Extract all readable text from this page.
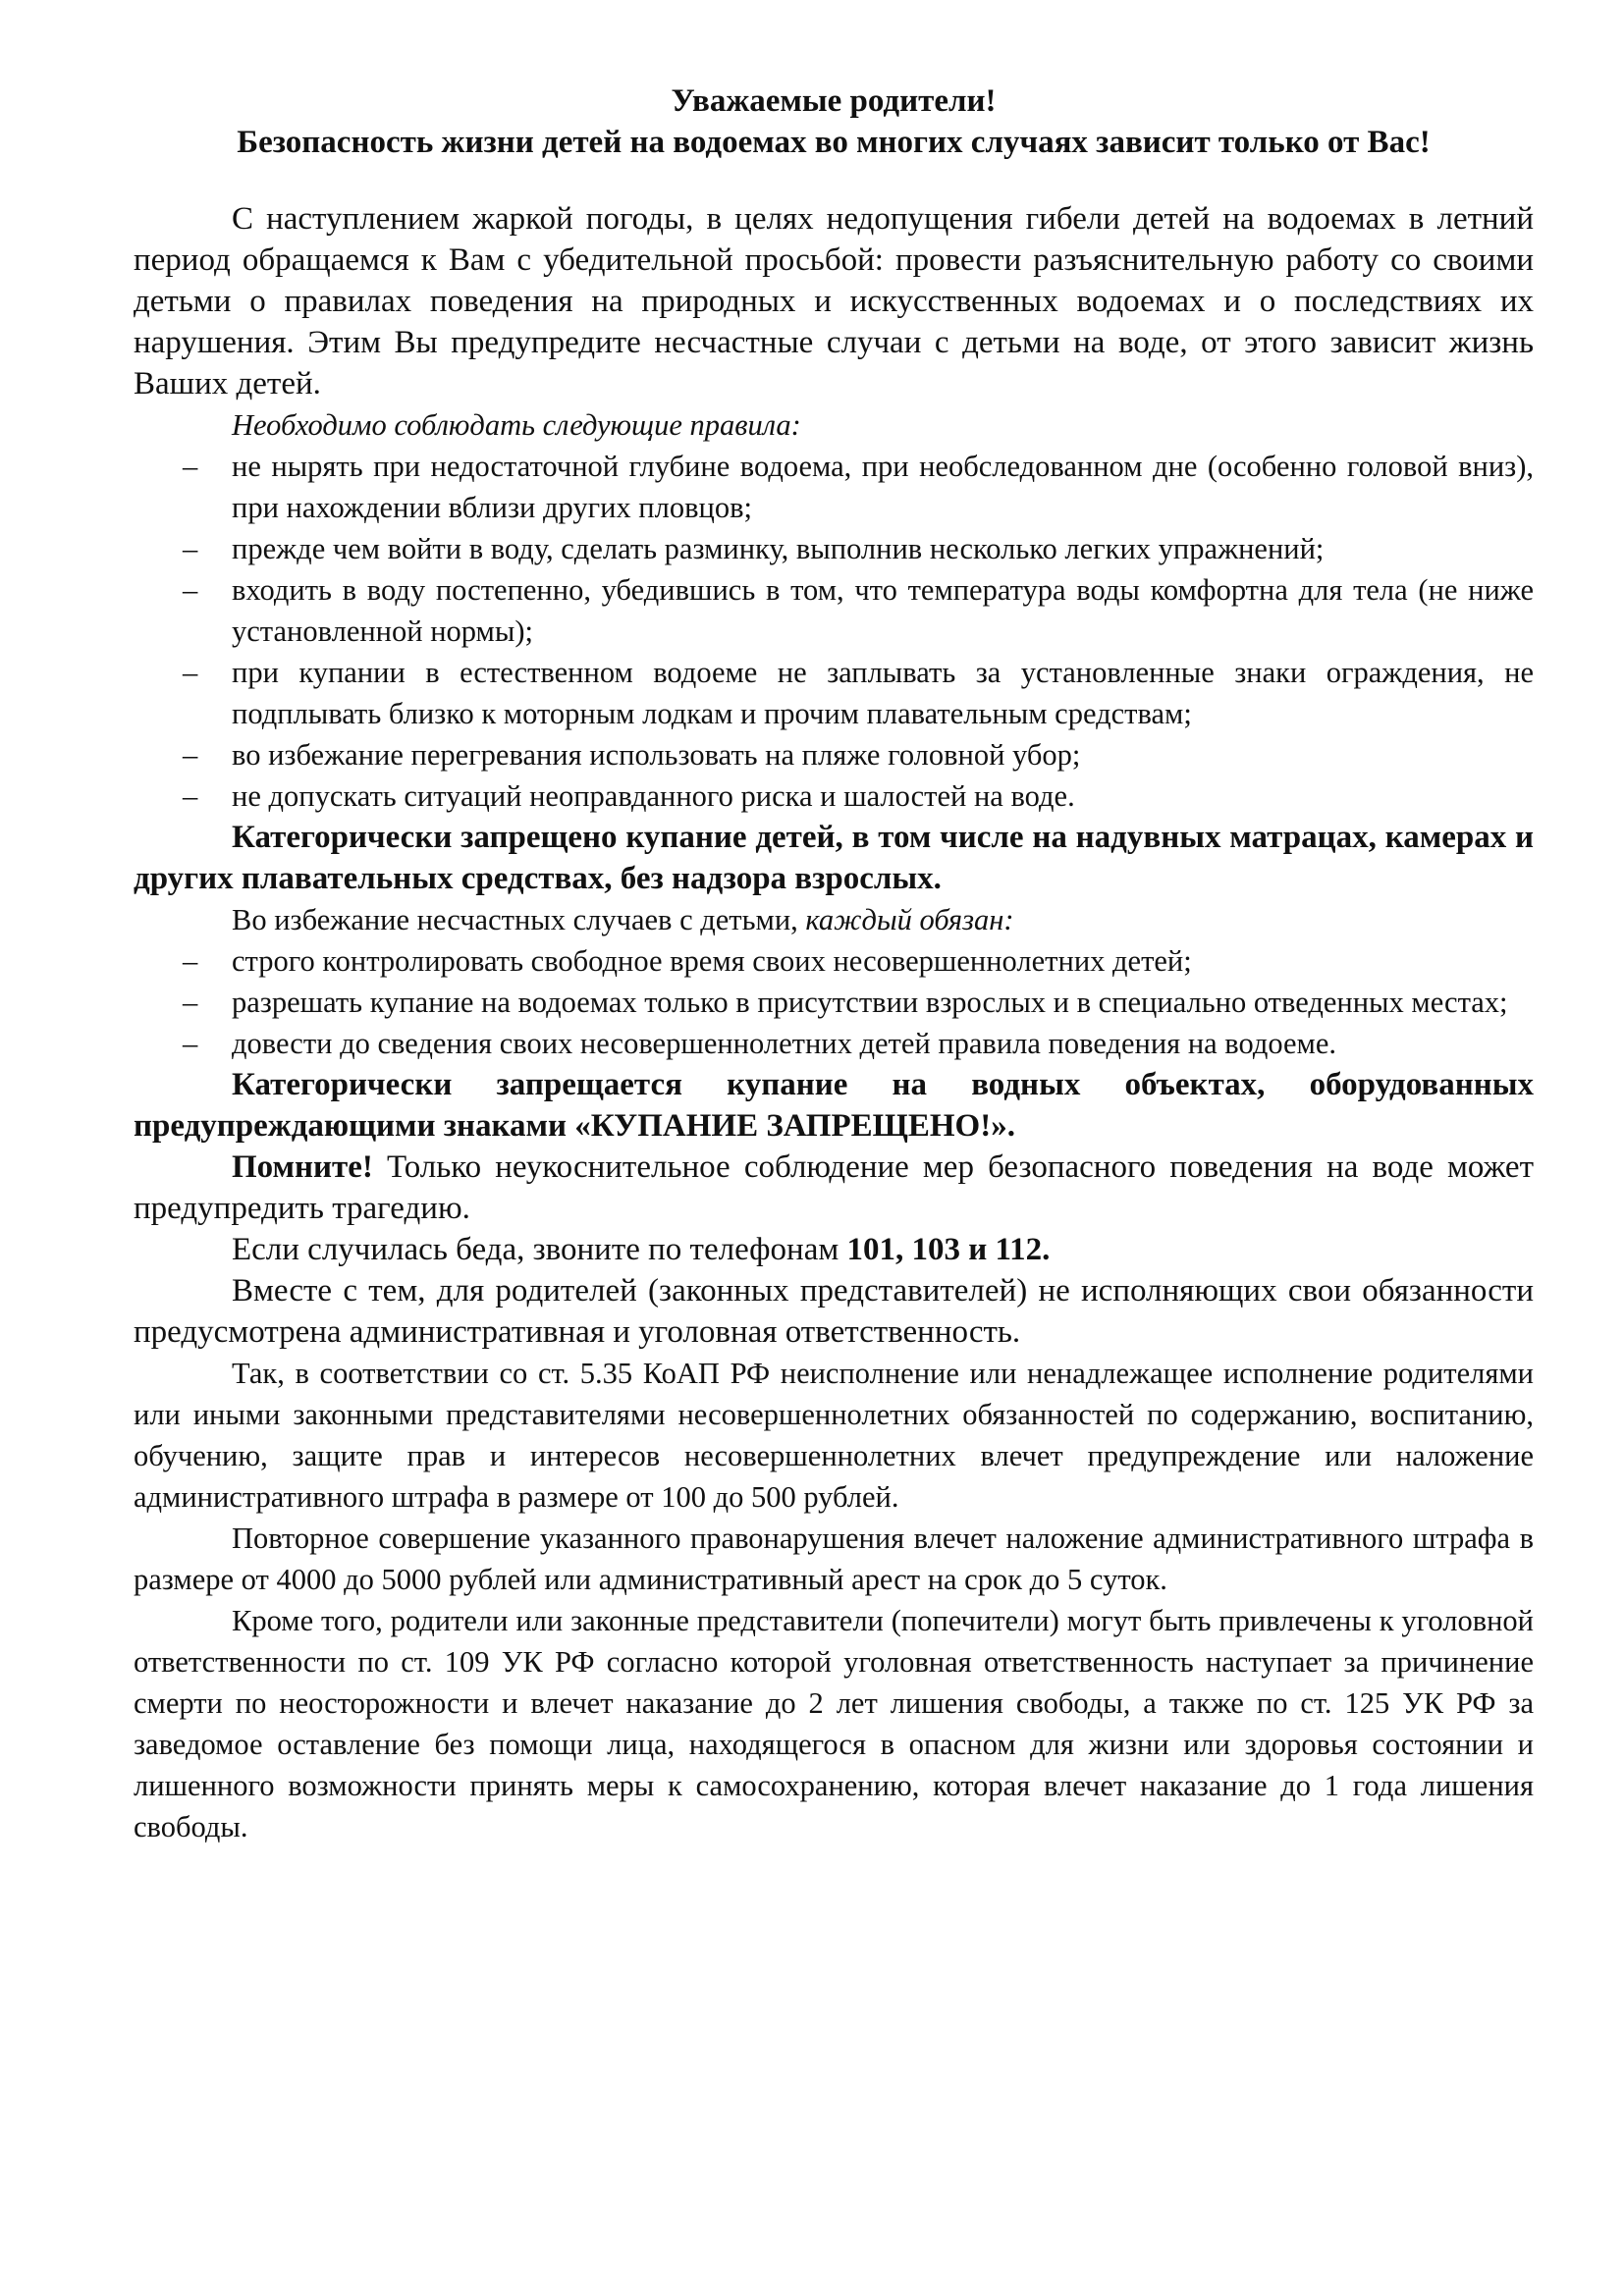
Уважаемые родители!
Безопасность жизни детей на водоемах во многих случаях зависит только от Вас!

С наступлением жаркой погоды, в целях недопущения гибели детей на водоемах в летний период обращаемся к Вам с убедительной просьбой: провести разъяснительную работу со своими детьми о правилах поведения на природных и искусственных водоемах и о последствиях их нарушения. Этим Вы предупредите несчастные случаи с детьми на воде, от этого зависит жизнь Ваших детей.

Необходимо соблюдать следующие правила:

–	не нырять при недостаточной глубине водоема, при необследованном дне (особенно головой вниз), при нахождении вблизи других пловцов;
–	прежде чем войти в воду, сделать разминку, выполнив несколько легких упражнений;
–	входить в воду постепенно, убедившись в том, что температура воды комфортна для тела (не ниже установленной нормы);
–	при купании в естественном водоеме не заплывать за установленные знаки ограждения, не подплывать близко к моторным лодкам и прочим плавательным средствам;
–	во избежание перегревания использовать на пляже головной убор;
–	не допускать ситуаций неоправданного риска и шалостей на воде.

Категорически запрещено купание детей, в том числе на надувных матрацах, камерах и других плавательных средствах, без надзора взрослых.

Во избежание несчастных случаев с детьми, каждый обязан:

–	строго контролировать свободное время своих несовершеннолетних детей;
–	разрешать купание на водоемах только в присутствии взрослых и в специально отведенных местах;
–	довести до сведения своих несовершеннолетних детей правила поведения на водоеме.

Категорически запрещается купание на водных объектах, оборудованных предупреждающими знаками «КУПАНИЕ ЗАПРЕЩЕНО!».

Помните! Только неукоснительное соблюдение мер безопасного поведения на воде может предупредить трагедию.

Если случилась беда, звоните по телефонам 101, 103 и 112.

Вместе с тем, для родителей (законных представителей) не исполняющих свои обязанности предусмотрена административная и уголовная ответственность.

Так, в соответствии со ст. 5.35 КоАП РФ неисполнение или ненадлежащее исполнение родителями или иными законными представителями несовершеннолетних обязанностей по содержанию, воспитанию, обучению, защите прав и интересов несовершеннолетних влечет предупреждение или наложение административного штрафа в размере от 100 до 500 рублей.

Повторное совершение указанного правонарушения влечет наложение административного штрафа в размере от 4000 до 5000 рублей или административный арест на срок до 5 суток.

Кроме того, родители или законные представители (попечители) могут быть привлечены к уголовной ответственности по ст. 109 УК РФ согласно которой уголовная ответственность наступает за причинение смерти по неосторожности и влечет наказание до 2 лет лишения свободы, а также по ст. 125 УК РФ за заведомое оставление без помощи лица, находящегося в опасном для жизни или здоровья состоянии и лишенного возможности принять меры к самосохранению, которая влечет наказание до 1 года лишения свободы.
